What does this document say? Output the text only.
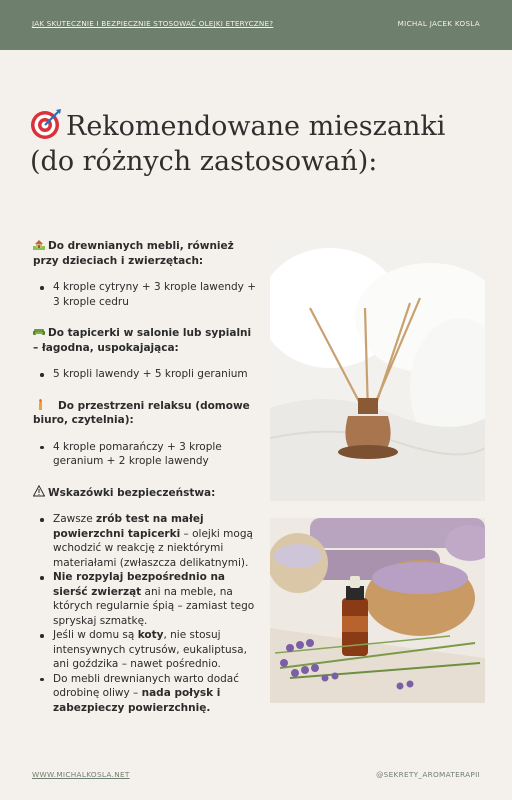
JAK SKUTECZNIE I BEZPIECZNIE STOSOWAĆ OLEJKI ETERYCZNE?	MICHAL JACEK KOSLA
Rekomendowane mieszanki
(do różnych zastosowań):
Do drewnianych mebli, również przy dzieciach i zwierzętach:
4 krople cytryny + 3 krople lawendy + 3 krople cedru
Do tapicerki w salonie lub sypialni – łagodna, uspokajająca:
5 kropli lawendy + 5 kropli geranium
Do przestrzeni relaksu (domowe biuro, czytelnia):
4 krople pomarańczy + 3 krople geranium + 2 krople lawendy
Wskazówki bezpieczeństwa:
Zawsze zrób test na małej powierzchni tapicerki – olejki mogą wchodzić w reakcję z niektórymi materiałami (zwłaszcza delikatnymi).
Nie rozpylaj bezpośrednio na sierść zwierząt ani na meble, na których regularnie śpią – zamiast tego spryskaj szmatkę.
Jeśli w domu są koty, nie stosuj intensywnych cytrusów, eukaliptusa, ani goździka – nawet pośrednio.
Do mebli drewnianych warto dodać odrobinę oliwy – nada połysk i zabezpieczy powierzchnię.
WWW.MICHALKOSLA.NET	@SEKRETY_AROMATERAPII
